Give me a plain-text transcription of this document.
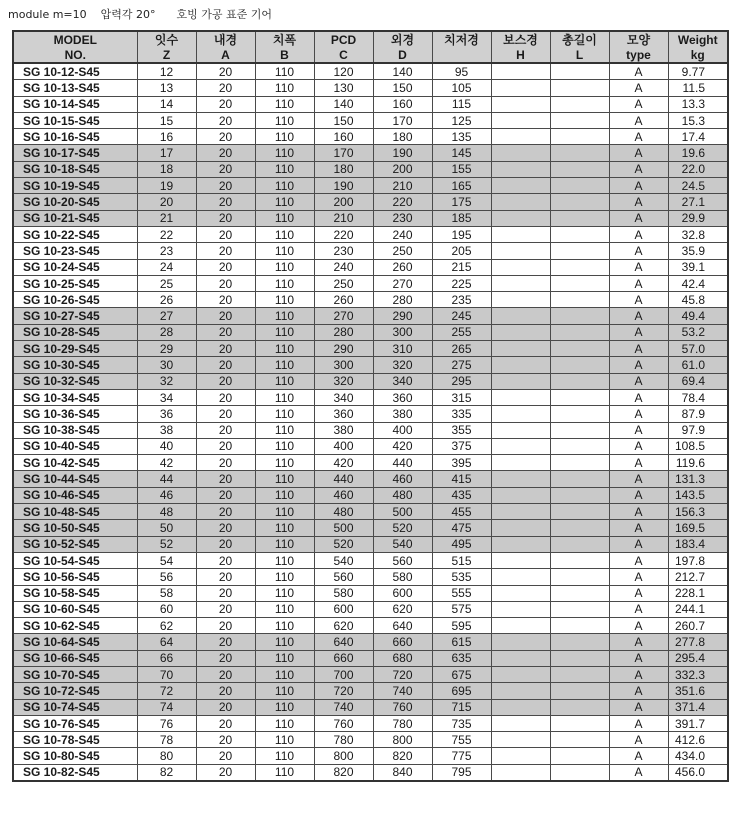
module m=10    압력각 20°      호빙 가공 표준 기어
MODEL	잇수	내경	치폭	PCD	외경	치저경	보스경	총길이	모양	Weight
NO.	Z	A	B	C	D		H	L	type	kg
SG 10-12-S45	12	20	110	120	140	95			A	9.77
SG 10-13-S45	13	20	110	130	150	105			A	11.5
SG 10-14-S45	14	20	110	140	160	115			A	13.3
SG 10-15-S45	15	20	110	150	170	125			A	15.3
SG 10-16-S45	16	20	110	160	180	135			A	17.4
SG 10-17-S45	17	20	110	170	190	145			A	19.6
SG 10-18-S45	18	20	110	180	200	155			A	22.0
SG 10-19-S45	19	20	110	190	210	165			A	24.5
SG 10-20-S45	20	20	110	200	220	175			A	27.1
SG 10-21-S45	21	20	110	210	230	185			A	29.9
SG 10-22-S45	22	20	110	220	240	195			A	32.8
SG 10-23-S45	23	20	110	230	250	205			A	35.9
SG 10-24-S45	24	20	110	240	260	215			A	39.1
SG 10-25-S45	25	20	110	250	270	225			A	42.4
SG 10-26-S45	26	20	110	260	280	235			A	45.8
SG 10-27-S45	27	20	110	270	290	245			A	49.4
SG 10-28-S45	28	20	110	280	300	255			A	53.2
SG 10-29-S45	29	20	110	290	310	265			A	57.0
SG 10-30-S45	30	20	110	300	320	275			A	61.0
SG 10-32-S45	32	20	110	320	340	295			A	69.4
SG 10-34-S45	34	20	110	340	360	315			A	78.4
SG 10-36-S45	36	20	110	360	380	335			A	87.9
SG 10-38-S45	38	20	110	380	400	355			A	97.9
SG 10-40-S45	40	20	110	400	420	375			A	108.5
SG 10-42-S45	42	20	110	420	440	395			A	119.6
SG 10-44-S45	44	20	110	440	460	415			A	131.3
SG 10-46-S45	46	20	110	460	480	435			A	143.5
SG 10-48-S45	48	20	110	480	500	455			A	156.3
SG 10-50-S45	50	20	110	500	520	475			A	169.5
SG 10-52-S45	52	20	110	520	540	495			A	183.4
SG 10-54-S45	54	20	110	540	560	515			A	197.8
SG 10-56-S45	56	20	110	560	580	535			A	212.7
SG 10-58-S45	58	20	110	580	600	555			A	228.1
SG 10-60-S45	60	20	110	600	620	575			A	244.1
SG 10-62-S45	62	20	110	620	640	595			A	260.7
SG 10-64-S45	64	20	110	640	660	615			A	277.8
SG 10-66-S45	66	20	110	660	680	635			A	295.4
SG 10-70-S45	70	20	110	700	720	675			A	332.3
SG 10-72-S45	72	20	110	720	740	695			A	351.6
SG 10-74-S45	74	20	110	740	760	715			A	371.4
SG 10-76-S45	76	20	110	760	780	735			A	391.7
SG 10-78-S45	78	20	110	780	800	755			A	412.6
SG 10-80-S45	80	20	110	800	820	775			A	434.0
SG 10-82-S45	82	20	110	820	840	795			A	456.0
